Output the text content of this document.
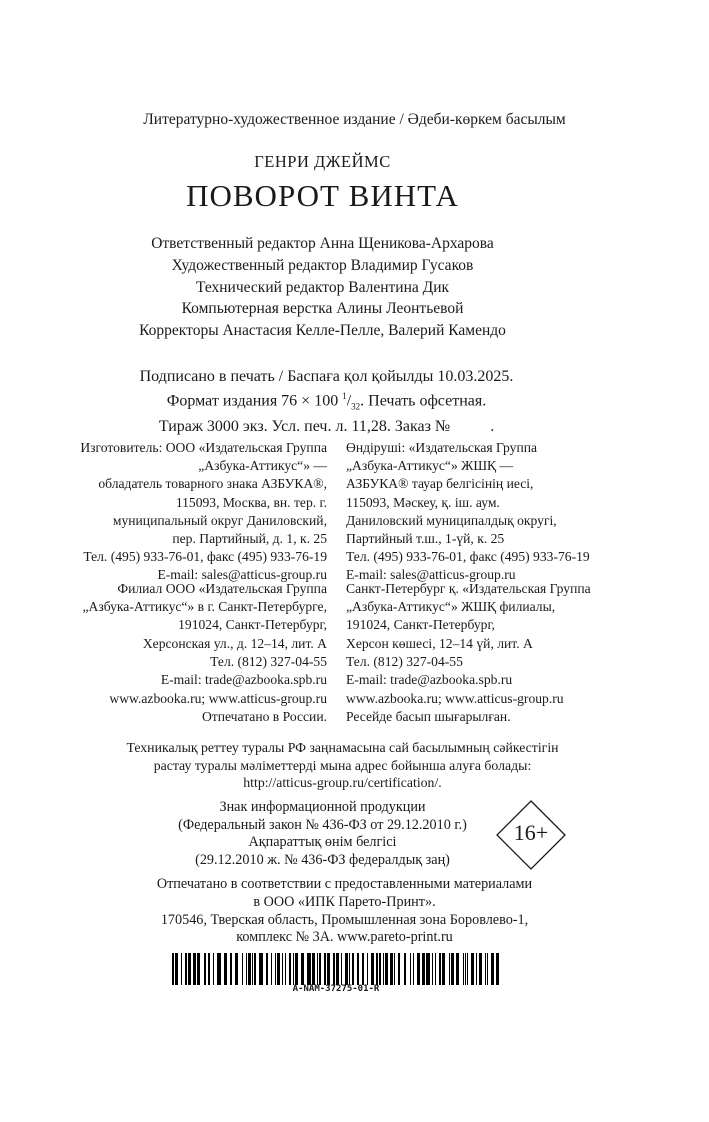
Литературно-художественное издание / Әдеби-көркем басылым
ГЕНРИ ДЖЕЙМС
ПОВОРОТ ВИНТА
Ответственный редактор Анна Щеникова-Архарова
Художественный редактор Владимир Гусаков
Технический редактор Валентина Дик
Компьютерная верстка Алины Леонтьевой
Корректоры Анастасия Келле-Пелле, Валерий Камендо
Подписано в печать / Баспаға қол қойылды 10.03.2025.
Формат издания 76 × 100 $^1/_{32}$. Печать офсетная.
Тираж 3000 экз. Усл. печ. л. 11,28. Заказ №          .
Изготовитель: ООО «Издательская Группа
„Азбука-Аттикус“» —
обладатель товарного знака АЗБУКА®,
115093, Москва, вн. тер. г.
муниципальный округ Даниловский,
пер. Партийный, д. 1, к. 25
Тел. (495) 933-76-01, факс (495) 933-76-19
E-mail: sales@atticus-group.ru
Өндіруші: «Издательская Группа
„Азбука-Аттикус“» ЖШҚ —
АЗБУКА® тауар белгісінің иесі,
115093, Мәскеу, қ. іш. аум.
Даниловский муниципалдық округі,
Партийный т.ш., 1-үй, к. 25
Тел. (495) 933-76-01, факс (495) 933-76-19
E-mail: sales@atticus-group.ru
Филиал ООО «Издательская Группа
„Азбука-Аттикус“» в г. Санкт-Петербурге,
191024, Санкт-Петербург,
Херсонская ул., д. 12–14, лит. А
Тел. (812) 327-04-55
E-mail: trade@azbooka.spb.ru
Санкт-Петербург қ. «Издательская Группа
„Азбука-Аттикус“» ЖШҚ филиалы,
191024, Санкт-Петербург,
Херсон көшесі, 12–14 үй, лит. А
Тел. (812) 327-04-55
E-mail: trade@azbooka.spb.ru
www.azbooka.ru; www.atticus-group.ru
Отпечатано в России.
www.azbooka.ru; www.atticus-group.ru
Ресейде басып шығарылған.
Техникалық реттеу туралы РФ заңнамасына сай басылымның сәйкестігін
растау туралы мәліметтерді мына адрес бойынша алуға болады:
http://atticus-group.ru/certification/.
Знак информационной продукции
(Федеральный закон № 436-ФЗ от 29.12.2010 г.)
Ақпараттық өнім белгісі
(29.12.2010 ж. № 436-ФЗ федералдық заң)
16+
Отпечатано в соответствии с предоставленными материалами
в ООО «ИПК Парето-Принт».
170546, Тверская область, Промышленная зона Боровлево-1,
комплекс № 3А. www.pareto-print.ru
A-NAM-37275-01-R
